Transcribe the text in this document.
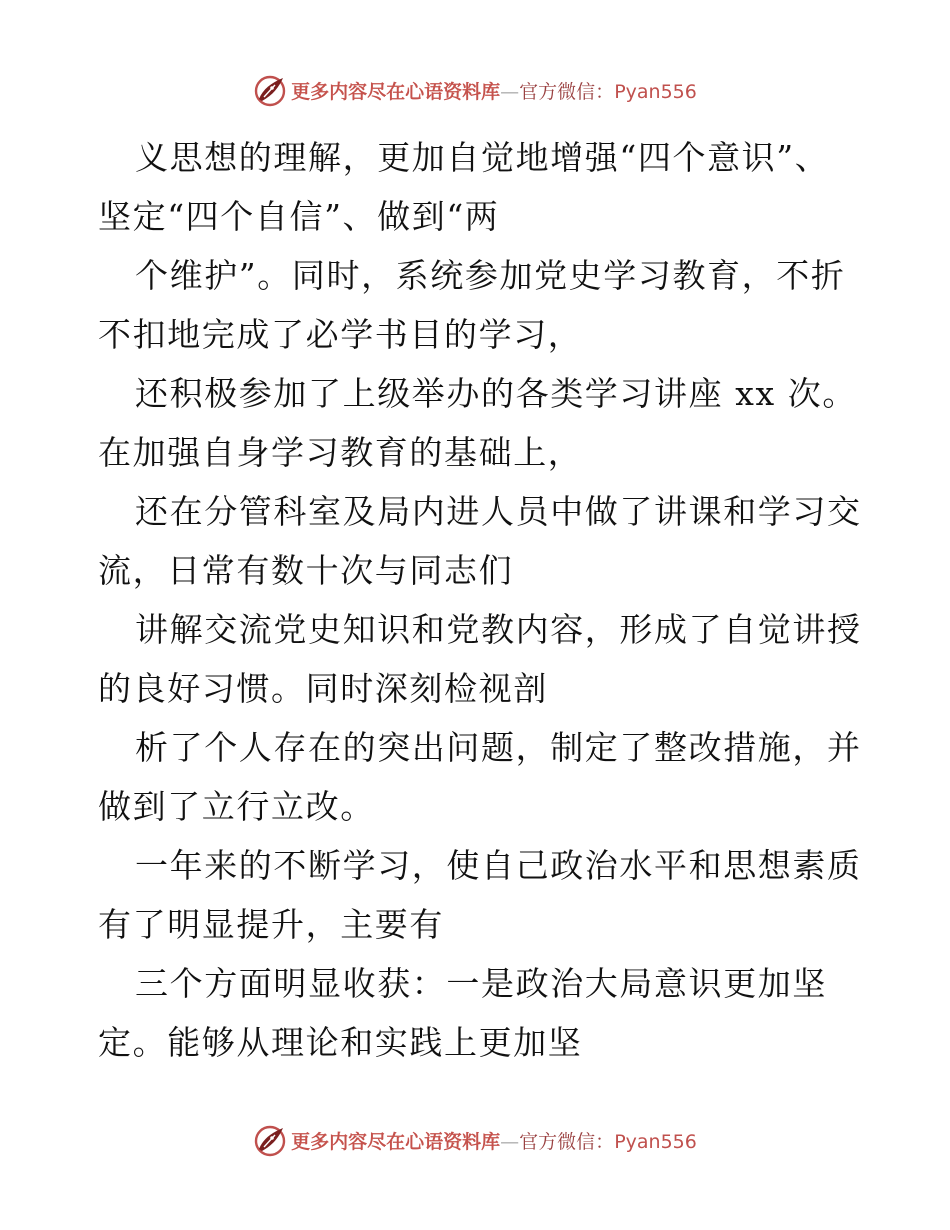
更多内容尽在心语资料库—官方微信：Pyan556
义思想的理解，更加自觉地增强“四个意识”、
坚定“四个自信”、做到“两
个维护”。同时，系统参加党史学习教育，不折
不扣地完成了必学书目的学习，
还积极参加了上级举办的各类学习讲座 xx 次。
在加强自身学习教育的基础上，
还在分管科室及局内进人员中做了讲课和学习交
流，日常有数十次与同志们
讲解交流党史知识和党教内容，形成了自觉讲授
的良好习惯。同时深刻检视剖
析了个人存在的突出问题，制定了整改措施，并
做到了立行立改。
一年来的不断学习，使自己政治水平和思想素质
有了明显提升，主要有
三个方面明显收获：一是政治大局意识更加坚
定。能够从理论和实践上更加坚
更多内容尽在心语资料库—官方微信：Pyan556
